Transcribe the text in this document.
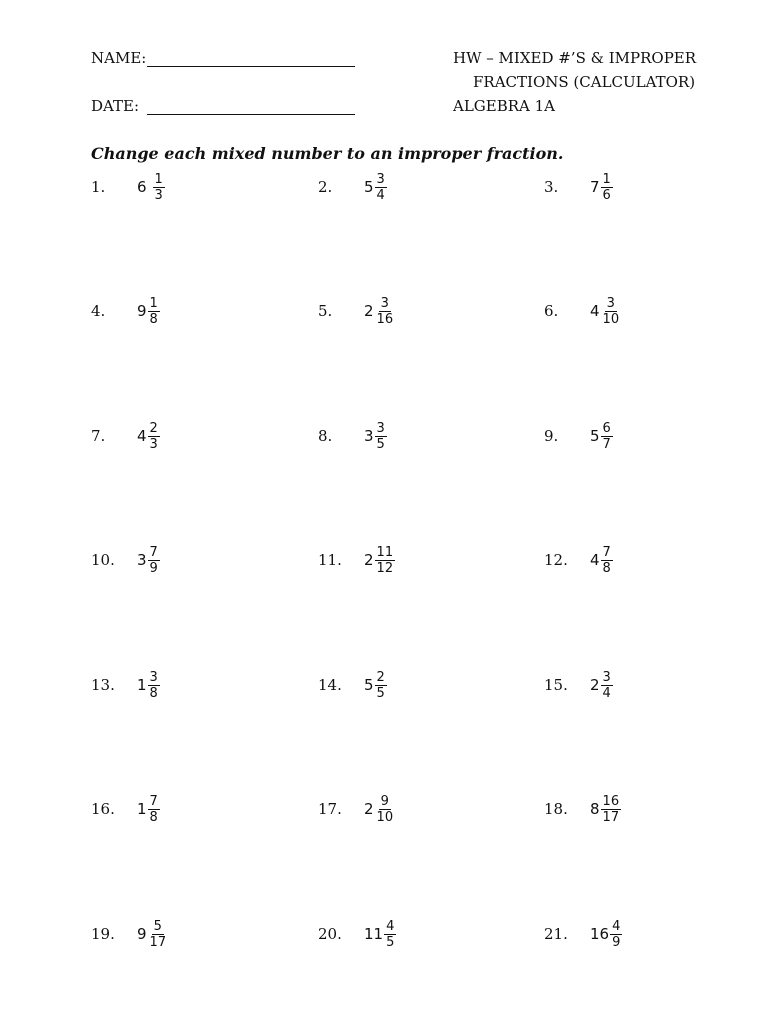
NAME:
DATE:
HW – MIXED #’S & IMPROPER
FRACTIONS (CALCULATOR)
ALGEBRA 1A
Change each mixed number to an improper fraction.
1.	$6 \frac{1}{3}$	2.	$5 \frac{3}{4}$	3.	$7 \frac{1}{6}$
4.	$9 \frac{1}{8}$	5.	$2 \frac{3}{16}$	6.	$4 \frac{3}{10}$
7.	$4 \frac{2}{3}$	8.	$3 \frac{3}{5}$	9.	$5 \frac{6}{7}$
10.	$3 \frac{7}{9}$	11.	$2 \frac{11}{12}$	12.	$4 \frac{7}{8}$
13.	$1 \frac{3}{8}$	14.	$5 \frac{2}{5}$	15.	$2 \frac{3}{4}$
16.	$1 \frac{7}{8}$	17.	$2 \frac{9}{10}$	18.	$8 \frac{16}{17}$
19.	$9 \frac{5}{17}$	20.	$11 \frac{4}{5}$	21.	$16 \frac{4}{9}$
